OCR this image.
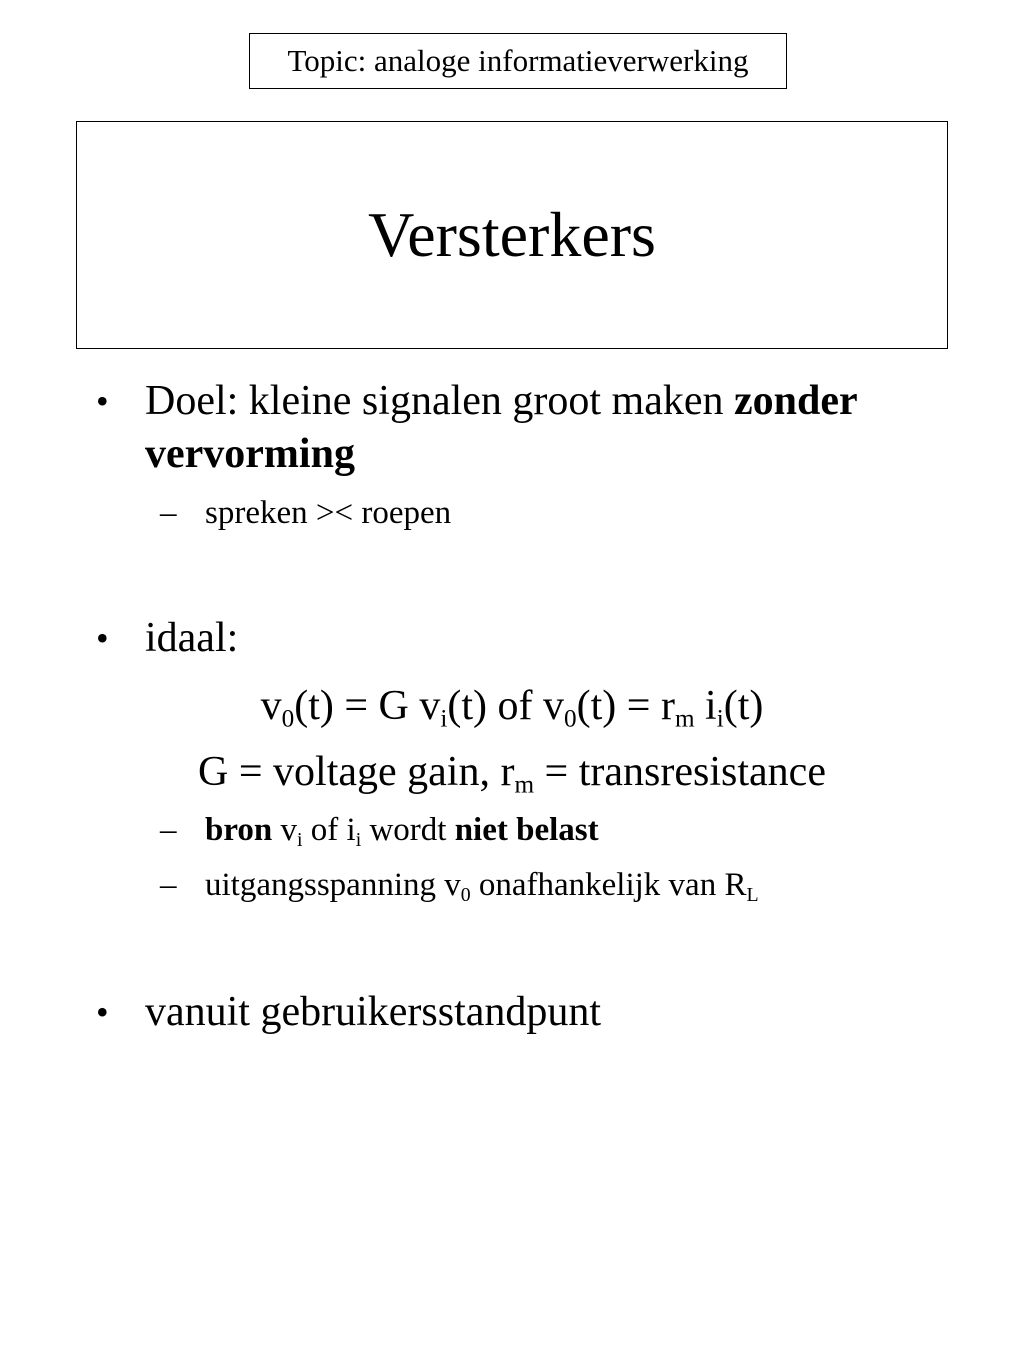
Topic: analoge informatieverwerking
Versterkers
• Doel: kleine signalen groot maken zonder
vervorming
– spreken >< roepen
• idaal:
$v_0(t) = G$ $v_i(t)$ of $v_0(t) = r_m$ $i_i(t)$
G = voltage gain, $r_m$ = transresistance
– bron $v_i$ of $i_i$ wordt niet belast
– uitgangsspanning $v_0$ onafhankelijk van $R_L$
• vanuit gebruikersstandpunt
